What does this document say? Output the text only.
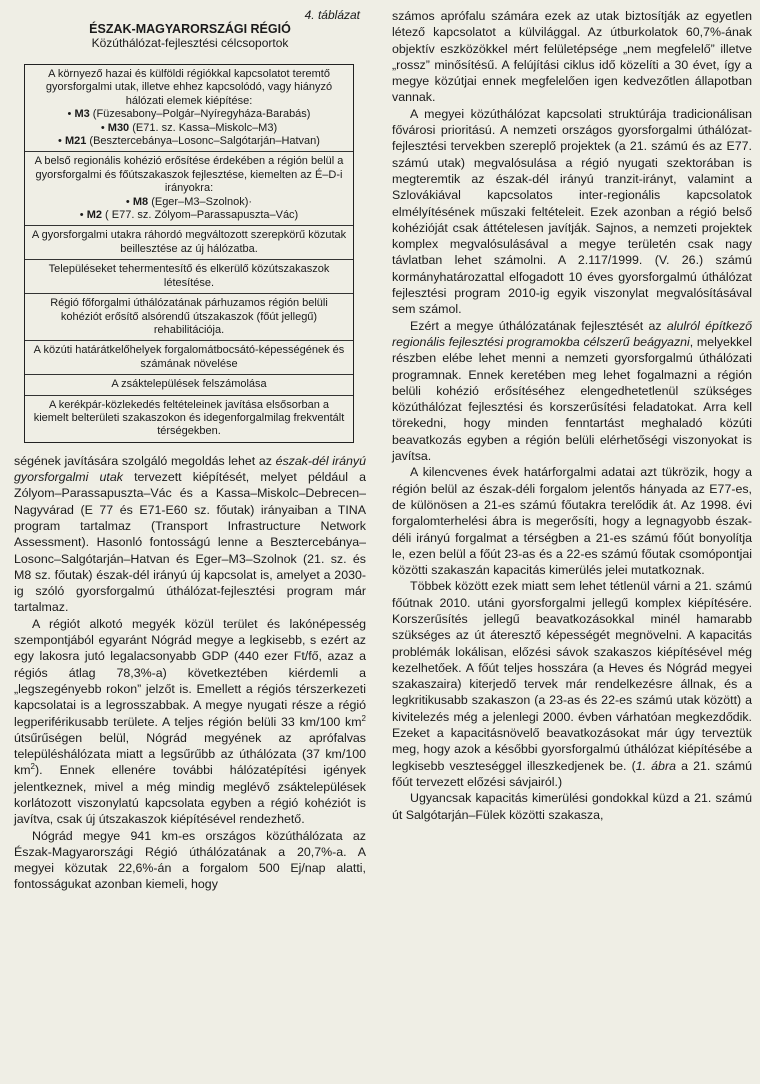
4. táblázat
ÉSZAK-MAGYARORSZÁGI RÉGIÓ
Közúthálózat-fejlesztési célcsoportok
A környező hazai és külföldi régiókkal kapcsolatot teremtő gyorsforgalmi utak, illetve ehhez kapcsolódó, vagy hiányzó hálózati elemek kiépítése:
• M3 (Füzesabony–Polgár–Nyíregyháza-Barabás)
• M30 (E71. sz. Kassa–Miskolc–M3)
• M21 (Besztercebánya–Losonc–Salgótarján–Hatvan)
A belső regionális kohézió erősítése érdekében a régión belül a gyorsforgalmi és főútszakaszok fejlesztése, kiemelten az É–D-i irányokra:
• M8 (Eger–M3–Szolnok)·
• M2 ( E77. sz. Zólyom–Parassapuszta–Vác)
A gyorsforgalmi utakra ráhordó megváltozott szerepkörű közutak beillesztése az új hálózatba.
Településeket tehermentesítő és elkerülő közútszakaszok létesítése.
Régió főforgalmi úthálózatának párhuzamos régión belüli kohéziót erősítő alsórendű útszakaszok (főút jellegű) rehabilitációja.
A közúti határátkelőhelyek forgalomátbocsátó-képességének és számának növelése
A zsáktelepülések felszámolása
A kerékpár-közlekedés feltételeinek javítása elsősorban a kiemelt belterületi szakaszokon és idegenforgalmilag frekventált térségekben.

ségének javítására szolgáló megoldás lehet az észak-dél irányú gyorsforgalmi utak tervezett kiépítését, melyet például a Zólyom–Parassapuszta–Vác és a Kassa–Miskolc–Debrecen–Nagyvárad (E 77 és E71-E60 sz. főutak) irányaiban a TINA program tartalmaz (Transport Infrastructure Network Assessment). Hasonló fontosságú lenne a Besztercebánya–Losonc–Salgótarján–Hatvan és Eger–M3–Szolnok (21. sz. és M8 sz. főutak) észak-dél irányú új kapcsolat is, amelyet a 2030-ig szóló gyorsforgalmú úthálózat-fejlesztési program már tartalmaz.

A régiót alkotó megyék közül terület és lakónépesség szempontjából egyaránt Nógrád megye a legkisebb, s ezért az egy lakosra jutó legalacsonyabb GDP (440 ezer Ft/fő, azaz a régiós átlag 78,3%-a) következtében kiérdemli a „legszegényebb rokon” jelzőt is. Emellett a régiós térszerkezeti kapcsolatai is a legrosszabbak. A megye nyugati része a régió legperiférikusabb területe. A teljes régión belüli 33 km/100 $km^2$ útsűrűségen belül, Nógrád megyének az aprófalvas településhálózata miatt a legsűrűbb az úthálózata (37 km/100 $km^2$). Ennek ellenére további hálózatépítési igények jelentkeznek, mivel a még mindig meglévő zsáktelepülések korlátozott viszonylatú kapcsolata egyben a régió kohéziót is javítva, csak új útszakaszok kiépítésével rendezhető.

Nógrád megye 941 km-es országos közúthálózata az Észak-Magyarországi Régió úthálózatának a 20,7%-a. A megyei közutak 22,6%-án a forgalom 500 Ej/nap alatti, fontosságukat azonban kiemeli, hogy

számos aprófalu számára ezek az utak biztosítják az egyetlen létező kapcsolatot a külvilággal. Az útburkolatok 60,7%-ának objektív eszközökkel mért felületépsége „nem megfelelő” illetve „rossz” minősítésű. A felújítási ciklus idő közelíti a 30 évet, így a megye közútjai ennek megfelelően igen kedvezőtlen állapotban vannak.

A megyei közúthálózat kapcsolati struktúrája tradicionálisan fővárosi prioritású. A nemzeti országos gyorsforgalmi úthálózat-fejlesztési tervekben szereplő projektek (a 21. számú és az E77. számú utak) megvalósulása a régió nyugati szektorában is megteremtik az észak-dél irányú tranzit-irányt, valamint a Szlovákiával kapcsolatos inter-regionális kapcsolatok elmélyítésének műszaki feltételeit. Ezek azonban a régió belső kohézióját csak áttételesen javítják. Sajnos, a nemzeti projektek komplex megvalósulásával a megye területén csak nagy távlatban lehet számolni. A 2.117/1999. (V. 26.) számú kormányhatározattal elfogadott 10 éves gyorsforgalmú úthálózat fejlesztési program 2010-ig egyik viszonylat megvalósításával sem számol.

Ezért a megye úthálózatának fejlesztését az alulról építkező regionális fejlesztési programokba célszerű beágyazni, melyekkel részben elébe lehet menni a nemzeti gyorsforgalmú úthálózati programnak. Ennek keretében meg lehet fogalmazni a régión belüli kohézió erősítéséhez elengedhetetlenül szükséges közúthálózat fejlesztési és korszerűsítési feladatokat. Arra kell törekedni, hogy minden fenntartást meghaladó közúti beavatkozás egyben a régión belüli elérhetőségi viszonyokat is javítsa.

A kilencvenes évek határforgalmi adatai azt tükrözik, hogy a régión belül az észak-déli forgalom jelentős hányada az E77-es, de különösen a 21-es számú főutakra terelődik át. Az 1998. évi forgalomterhelési ábra is megerősíti, hogy a legnagyobb észak-déli irányú forgalmat a térségben a 21-es számú főút bonyolítja le, ezen belül a főút 23-as és a 22-es számú főutak csomópontjai közötti szakaszán kapacitás kimerülés jelei mutatkoznak.

Többek között ezek miatt sem lehet tétlenül várni a 21. számú főútnak 2010. utáni gyorsforgalmi jellegű komplex kiépítésére. Korszerűsítés jellegű beavatkozásokkal minél hamarabb szükséges az út áteresztő képességét megnövelni. A kapacitás problémák lokálisan, előzési sávok szakaszos kiépítésével még kezelhetőek. A főút teljes hosszára (a Heves és Nógrád megyei szakaszaira) kiterjedő tervek már rendelkezésre állnak, és a legkritikusabb szakaszon (a 23-as és 22-es számú utak között) a kivitelezés még a jelenlegi 2000. évben várhatóan megkezdődik. Ezeket a kapacitásnövelő beavatkozásokat már úgy terveztük meg, hogy azok a későbbi gyorsforgalmú úthálózat kiépítésébe a legkisebb veszteséggel illeszkedjenek be. (1. ábra a 21. számú főút tervezett előzési sávjairól.)

Ugyancsak kapacitás kimerülési gondokkal küzd a 21. számú út Salgótarján–Fülek közötti szakasza,
